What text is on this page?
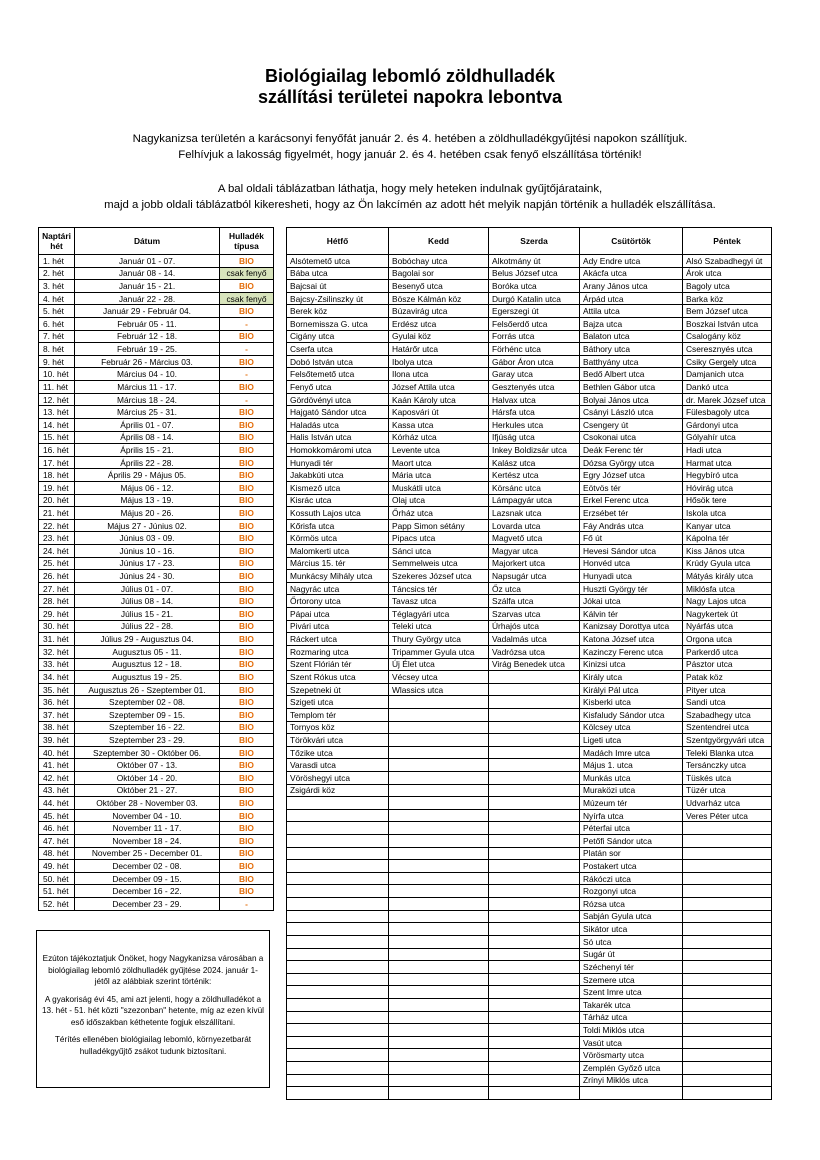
Biológiailag lebomló zöldhulladék
szállítási területei napokra lebontva
Nagykanizsa területén a karácsonyi fenyőfát január 2. és 4. hetében a zöldhulladékgyűjtési napokon szállítjuk.
Felhívjuk a lakosság figyelmét, hogy január 2. és 4. hetében csak fenyő elszállítása történik!
A bal oldali táblázatban láthatja, hogy mely heteken indulnak gyűjtőjárataink,
majd a jobb oldali táblázatból kikeresheti, hogy az Ön lakcímén az adott hét melyik napján történik a hulladék elszállítása.
Naptári hét	Dátum	Hulladék típusa
1. hét	Január 01 - 07.	BIO
2. hét	Január 08 - 14.	csak fenyő
3. hét	Január 15 - 21.	BIO
4. hét	Január 22 - 28.	csak fenyő
5. hét	Január 29 - Február 04.	BIO
6. hét	Február 05 - 11.	-
7. hét	Február 12 - 18.	BIO
8. hét	Február 19 - 25.	-
9. hét	Február 26 - Március 03.	BIO
10. hét	Március 04 - 10.	-
11. hét	Március 11 - 17.	BIO
12. hét	Március 18 - 24.	-
13. hét	Március 25 - 31.	BIO
14. hét	Április 01 - 07.	BIO
15. hét	Április 08 - 14.	BIO
16. hét	Április 15 - 21.	BIO
17. hét	Április 22 - 28.	BIO
18. hét	Április 29 - Május 05.	BIO
19. hét	Május 06 - 12.	BIO
20. hét	Május 13 - 19.	BIO
21. hét	Május 20 - 26.	BIO
22. hét	Május 27 - Június 02.	BIO
23. hét	Június 03 - 09.	BIO
24. hét	Június 10 - 16.	BIO
25. hét	Június 17 - 23.	BIO
26. hét	Június 24 - 30.	BIO
27. hét	Július 01 - 07.	BIO
28. hét	Július 08 - 14.	BIO
29. hét	Július 15 - 21.	BIO
30. hét	Július 22 - 28.	BIO
31. hét	Július 29 - Augusztus 04.	BIO
32. hét	Augusztus 05 - 11.	BIO
33. hét	Augusztus 12 - 18.	BIO
34. hét	Augusztus 19 - 25.	BIO
35. hét	Augusztus 26 - Szeptember 01.	BIO
36. hét	Szeptember 02 - 08.	BIO
37. hét	Szeptember 09 - 15.	BIO
38. hét	Szeptember 16 - 22.	BIO
39. hét	Szeptember 23 - 29.	BIO
40. hét	Szeptember 30 - Október 06.	BIO
41. hét	Október 07 - 13.	BIO
42. hét	Október 14 - 20.	BIO
43. hét	Október 21 - 27.	BIO
44. hét	Október 28 - November 03.	BIO
45. hét	November 04 - 10.	BIO
46. hét	November 11 - 17.	BIO
47. hét	November 18 - 24.	BIO
48. hét	November 25 - December 01.	BIO
49. hét	December 02 - 08.	BIO
50. hét	December 09 - 15.	BIO
51. hét	December 16 - 22.	BIO
52. hét	December 23 - 29.	-
Hétfő	Kedd	Szerda	Csütörtök	Péntek
Alsótemető utca	Bobóchay utca	Alkotmány út	Ady Endre utca	Alsó Szabadhegyi út
Bába utca	Bagolai sor	Belus József utca	Akácfa utca	Árok utca
Bajcsai út	Besenyő utca	Boróka utca	Arany János utca	Bagoly utca
Bajcsy-Zsilinszky út	Bösze Kálmán köz	Durgó Katalin utca	Árpád utca	Barka köz
Berek köz	Búzavirág utca	Egerszegi út	Attila utca	Bem József utca
Bornemissza G. utca	Erdész utca	Felsőerdő utca	Bajza utca	Boszkai István utca
Cigány utca	Gyulai köz	Forrás utca	Balaton utca	Csalogány köz
Cserfa utca	Határőr utca	Förhénc utca	Báthory utca	Cseresznyés utca
Dobó István utca	Ibolya utca	Gábor Áron utca	Batthyány utca	Csiky Gergely utca
Felsőtemető utca	Ilona utca	Garay utca	Bedő Albert utca	Damjanich utca
Fenyő utca	József Attila utca	Gesztenyés utca	Bethlen Gábor utca	Dankó utca
Gördövényi utca	Kaán Károly utca	Halvax utca	Bolyai János utca	dr. Marek József utca
Hajgató Sándor utca	Kaposvári út	Hársfa utca	Csányi László utca	Fülesbagoly utca
Haladás utca	Kassa utca	Herkules utca	Csengery út	Gárdonyi utca
Halis István utca	Kórház utca	Ifjúság utca	Csokonai utca	Gólyahír utca
Homokkomáromi utca	Levente utca	Inkey Boldizsár utca	Deák Ferenc tér	Hadi utca
Hunyadi tér	Maort utca	Kalász utca	Dózsa György utca	Harmat utca
Jakabkúti utca	Mária utca	Kertész utca	Egry József utca	Hegybíró utca
Kismező utca	Muskátli utca	Körsánc utca	Eötvös tér	Hóvirág utca
Kisrác utca	Olaj utca	Lámpagyár utca	Erkel Ferenc utca	Hősök tere
Kossuth Lajos utca	Őrház utca	Lazsnak utca	Erzsébet tér	Iskola utca
Kőrisfa utca	Papp Simon sétány	Lovarda utca	Fáy András utca	Kanyar utca
Körmös utca	Pipacs utca	Magvető utca	Fő út	Kápolna tér
Malomkerti utca	Sánci utca	Magyar utca	Hevesi Sándor utca	Kiss János utca
Március 15. tér	Semmelweis utca	Majorkert utca	Honvéd utca	Krúdy Gyula utca
Munkácsy Mihály utca	Szekeres József utca	Napsugár utca	Hunyadi utca	Mátyás király utca
Nagyrác utca	Táncsics tér	Őz utca	Huszti György tér	Miklósfa utca
Őrtorony utca	Tavasz utca	Szálfa utca	Jókai utca	Nagy Lajos utca
Pápai utca	Téglagyári utca	Szarvas utca	Kálvin tér	Nagykertek út
Pivári utca	Teleki utca	Úrhajós utca	Kanizsay Dorottya utca	Nyárfás utca
Ráckert utca	Thury György utca	Vadalmás utca	Katona József utca	Orgona utca
Rozmaring utca	Tripammer Gyula utca	Vadrózsa utca	Kazinczy Ferenc utca	Parkerdő utca
Szent Flórián tér	Új Élet utca	Virág Benedek utca	Kinizsi utca	Pásztor utca
Szent Rókus utca	Vécsey utca		Király utca	Patak köz
Szepetneki út	Wlassics utca		Királyi Pál utca	Pityer utca
Szigeti utca			Kisberki utca	Sandi utca
Templom tér			Kisfaludy Sándor utca	Szabadhegy utca
Tornyos köz			Kölcsey utca	Szentendrei utca
Törökvári utca			Ligeti utca	Szentgyörgyvári utca
Tőzike utca			Madách Imre utca	Teleki Blanka utca
Varasdi utca			Május 1. utca	Tersánczky utca
Vöröshegyi utca			Munkás utca	Tüskés utca
Zsigárdi köz			Muraközi utca	Tüzér utca
			Múzeum tér	Udvarház utca
			Nyírfa utca	Veres Péter utca
			Péterfai utca	
			Petőfi Sándor utca	
			Platán sor	
			Postakert utca	
			Rákóczi utca	
			Rozgonyi utca	
			Rózsa utca	
			Sabján Gyula utca	
			Sikátor utca	
			Só utca	
			Sugár út	
			Széchenyi tér	
			Szemere utca	
			Szent Imre utca	
			Takarék utca	
			Tárház utca	
			Toldi Miklós utca	
			Vasút utca	
			Vörösmarty utca	
			Zemplén Győző utca	
			Zrínyi Miklós utca	

Ezúton tájékoztatjuk Önöket, hogy Nagykanizsa városában a biológiailag lebomló zöldhulladék gyűjtése 2024. január 1-jétől az alábbiak szerint történik:

A gyakoriság évi 45, ami azt jelenti, hogy a zöldhulladékot a 13. hét - 51. hét közti "szezonban" hetente, míg az ezen kívül eső időszakban kéthetente fogjuk elszállítani.

Térítés ellenében biológiailag lebomló, környezetbarát hulladékgyűjtő zsákot tudunk biztosítani.
